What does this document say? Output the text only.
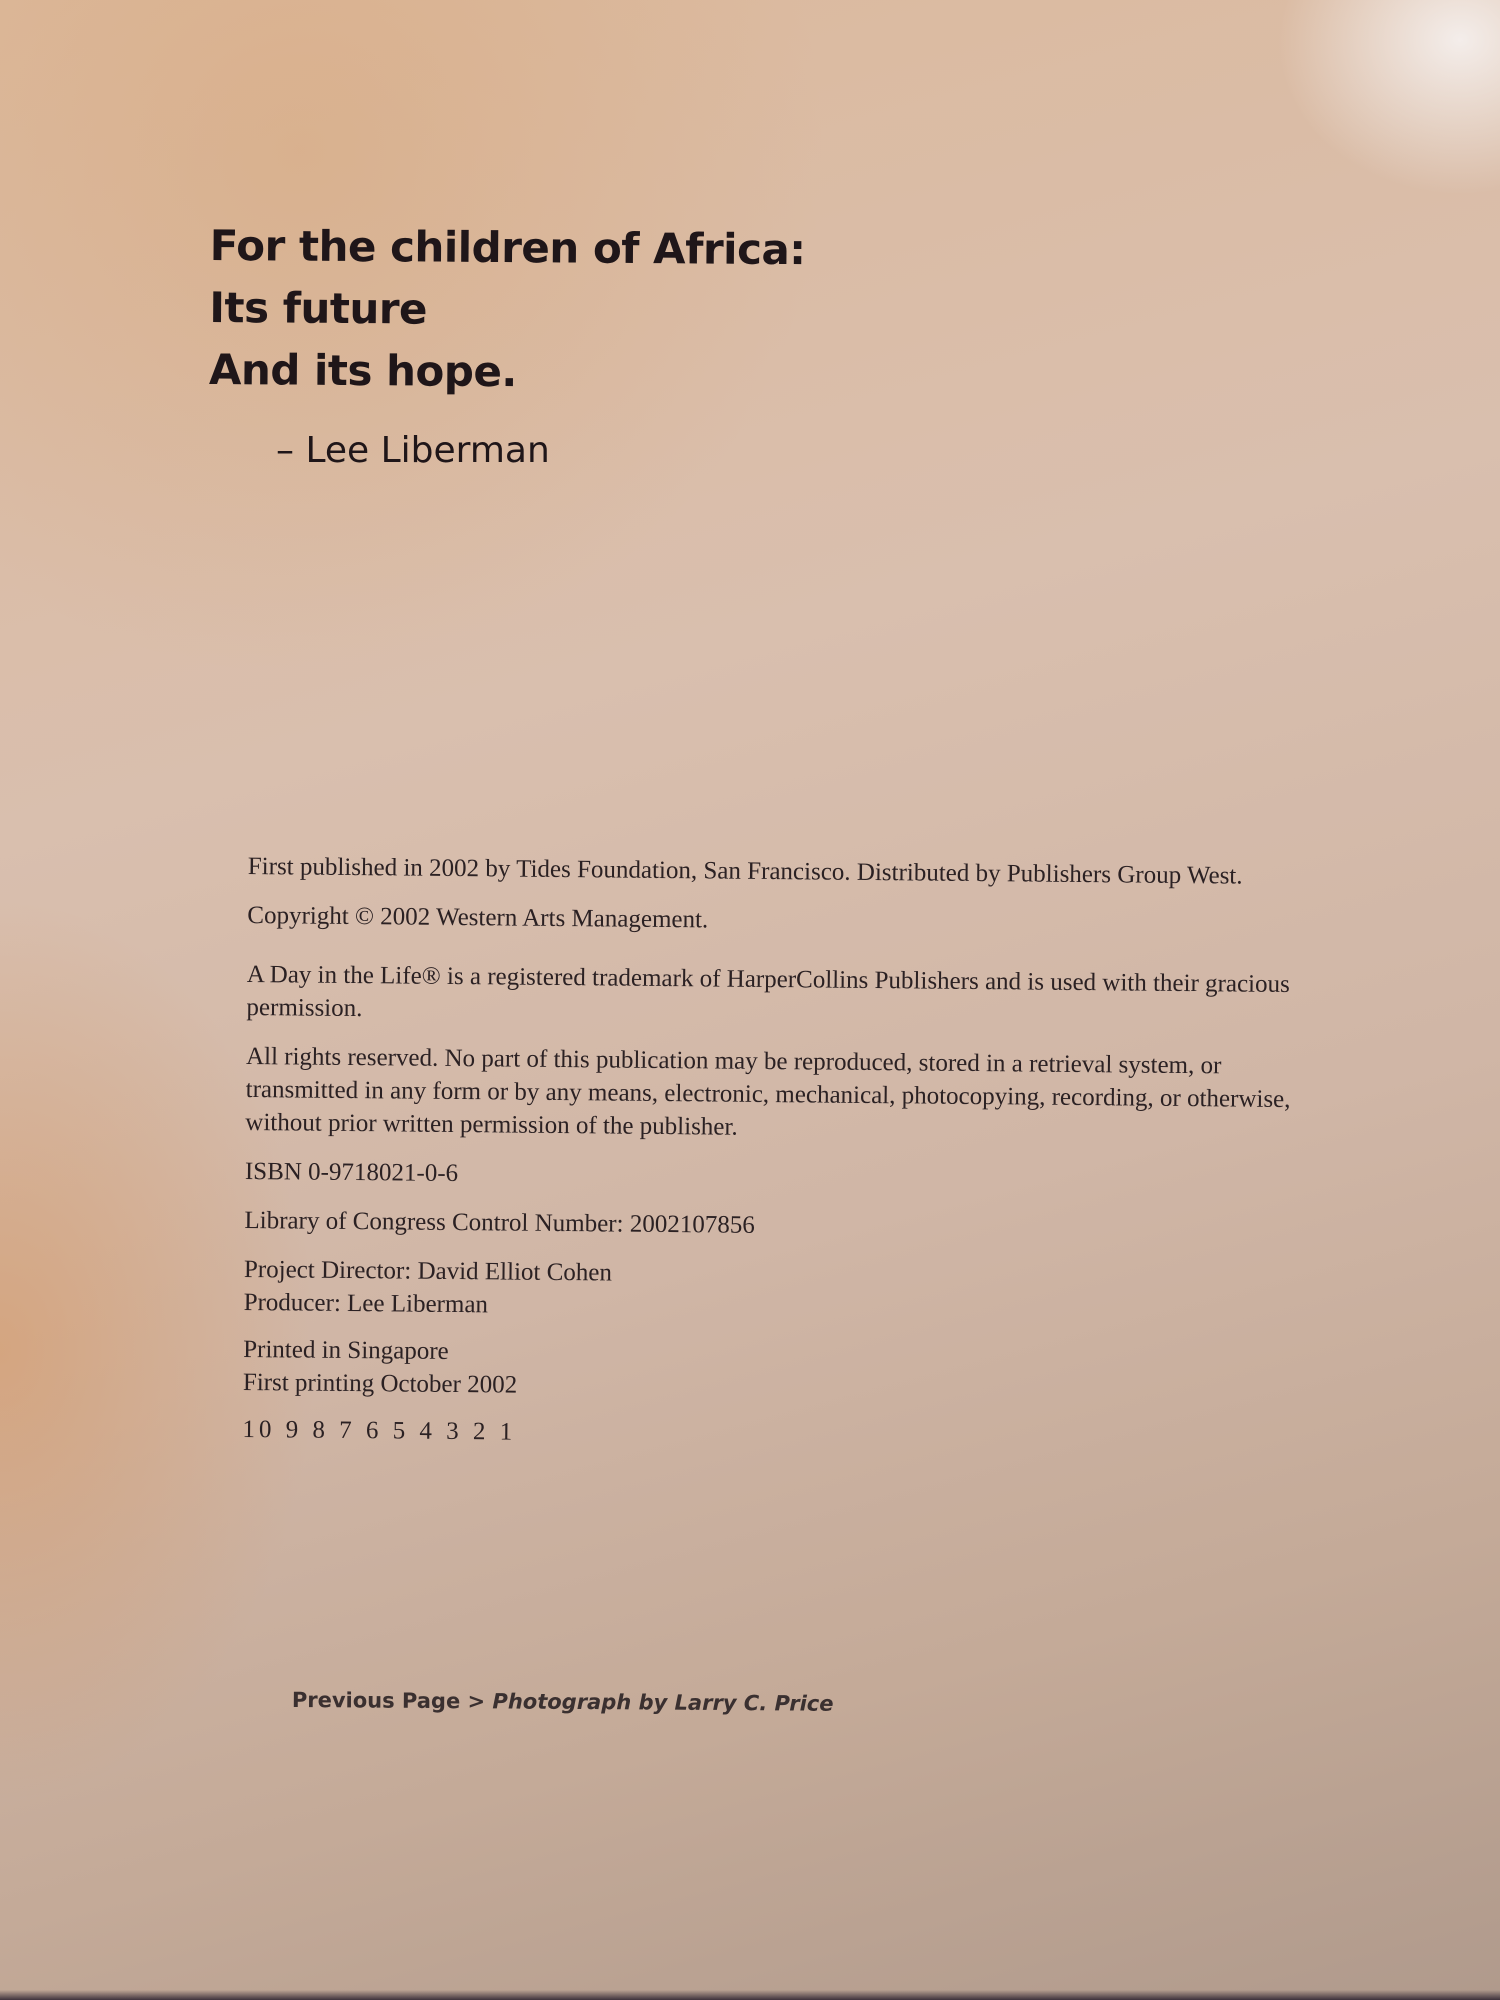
For the children of Africa:
Its future
And its hope.
– Lee Liberman

First published in 2002 by Tides Foundation, San Francisco. Distributed by Publishers Group West.

Copyright © 2002 Western Arts Management.

A Day in the Life® is a registered trademark of HarperCollins Publishers and is used with their gracious permission.

All rights reserved. No part of this publication may be reproduced, stored in a retrieval system, or transmitted in any form or by any means, electronic, mechanical, photocopying, recording, or otherwise, without prior written permission of the publisher.

ISBN 0-9718021-0-6

Library of Congress Control Number: 2002107856

Project Director: David Elliot Cohen
Producer: Lee Liberman

Printed in Singapore
First printing October 2002

10 9 8 7 6 5 4 3 2 1

Previous Page > Photograph by Larry C. Price
